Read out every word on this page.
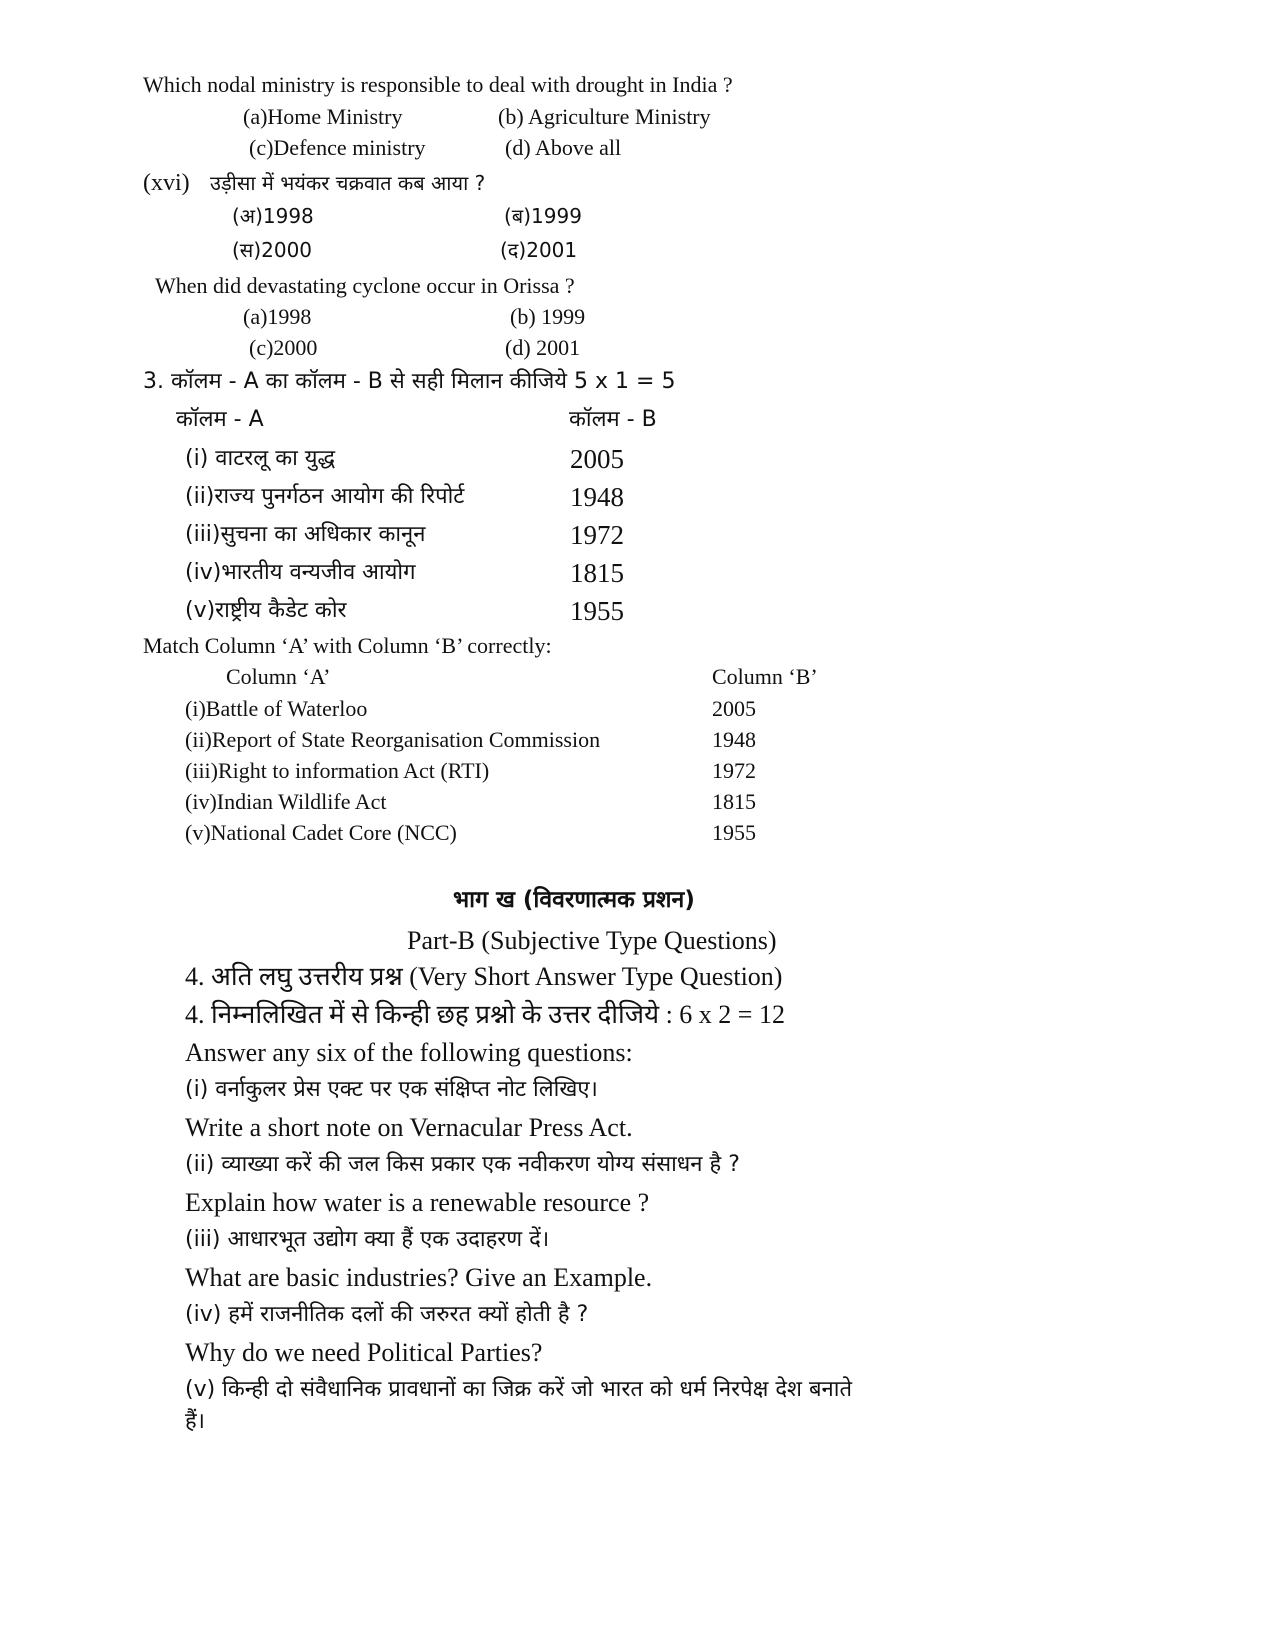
Which nodal ministry is responsible to deal with drought in India ?
(a)Home Ministry	(b) Agriculture Ministry
(c)Defence ministry	(d) Above all
(xvi) उड़ीसा में भयंकर चक्रवात कब आया ?
(अ)1998	(ब)1999
(स)2000	(द)2001
When did devastating cyclone occur in Orissa ?
(a)1998	(b) 1999
(c)2000	(d) 2001
3. कॉलम - A का कॉलम - B से सही मिलान कीजिये 5 x 1 = 5
कॉलम - A	कॉलम - B
(i) वाटरलू का युद्ध	2005
(ii)राज्य पुनर्गठन आयोग की रिपोर्ट	1948
(iii)सुचना का अधिकार कानून	1972
(iv)भारतीय वन्यजीव आयोग	1815
(v)राष्ट्रीय कैडेट कोर	1955
Match Column ‘A’ with Column ‘B’ correctly:
Column ‘A’	Column ‘B’
(i)Battle of Waterloo	2005
(ii)Report of State Reorganisation Commission	1948
(iii)Right to information Act (RTI)	1972
(iv)Indian Wildlife Act	1815
(v)National Cadet Core (NCC)	1955
भाग ख (विवरणात्मक प्रशन)
Part-B (Subjective Type Questions)
4. अति लघु उत्तरीय प्रश्न (Very Short Answer Type Question)
4. निम्नलिखित में से किन्ही छह प्रश्नो के उत्तर दीजिये : 6 x 2 = 12
Answer any six of the following questions:
(i) वर्नाकुलर प्रेस एक्ट पर एक संक्षिप्त नोट लिखिए।
Write a short note on Vernacular Press Act.
(ii) व्याख्या करें की जल किस प्रकार एक नवीकरण योग्य संसाधन है ?
Explain how water is a renewable resource ?
(iii) आधारभूत उद्योग क्या हैं एक उदाहरण दें।
What are basic industries? Give an Example.
(iv) हमें राजनीतिक दलों की जरुरत क्यों होती है ?
Why do we need Political Parties?
(v) किन्ही दो संवैधानिक प्रावधानों का जिक्र करें जो भारत को धर्म निरपेक्ष देश बनाते
हैं।
